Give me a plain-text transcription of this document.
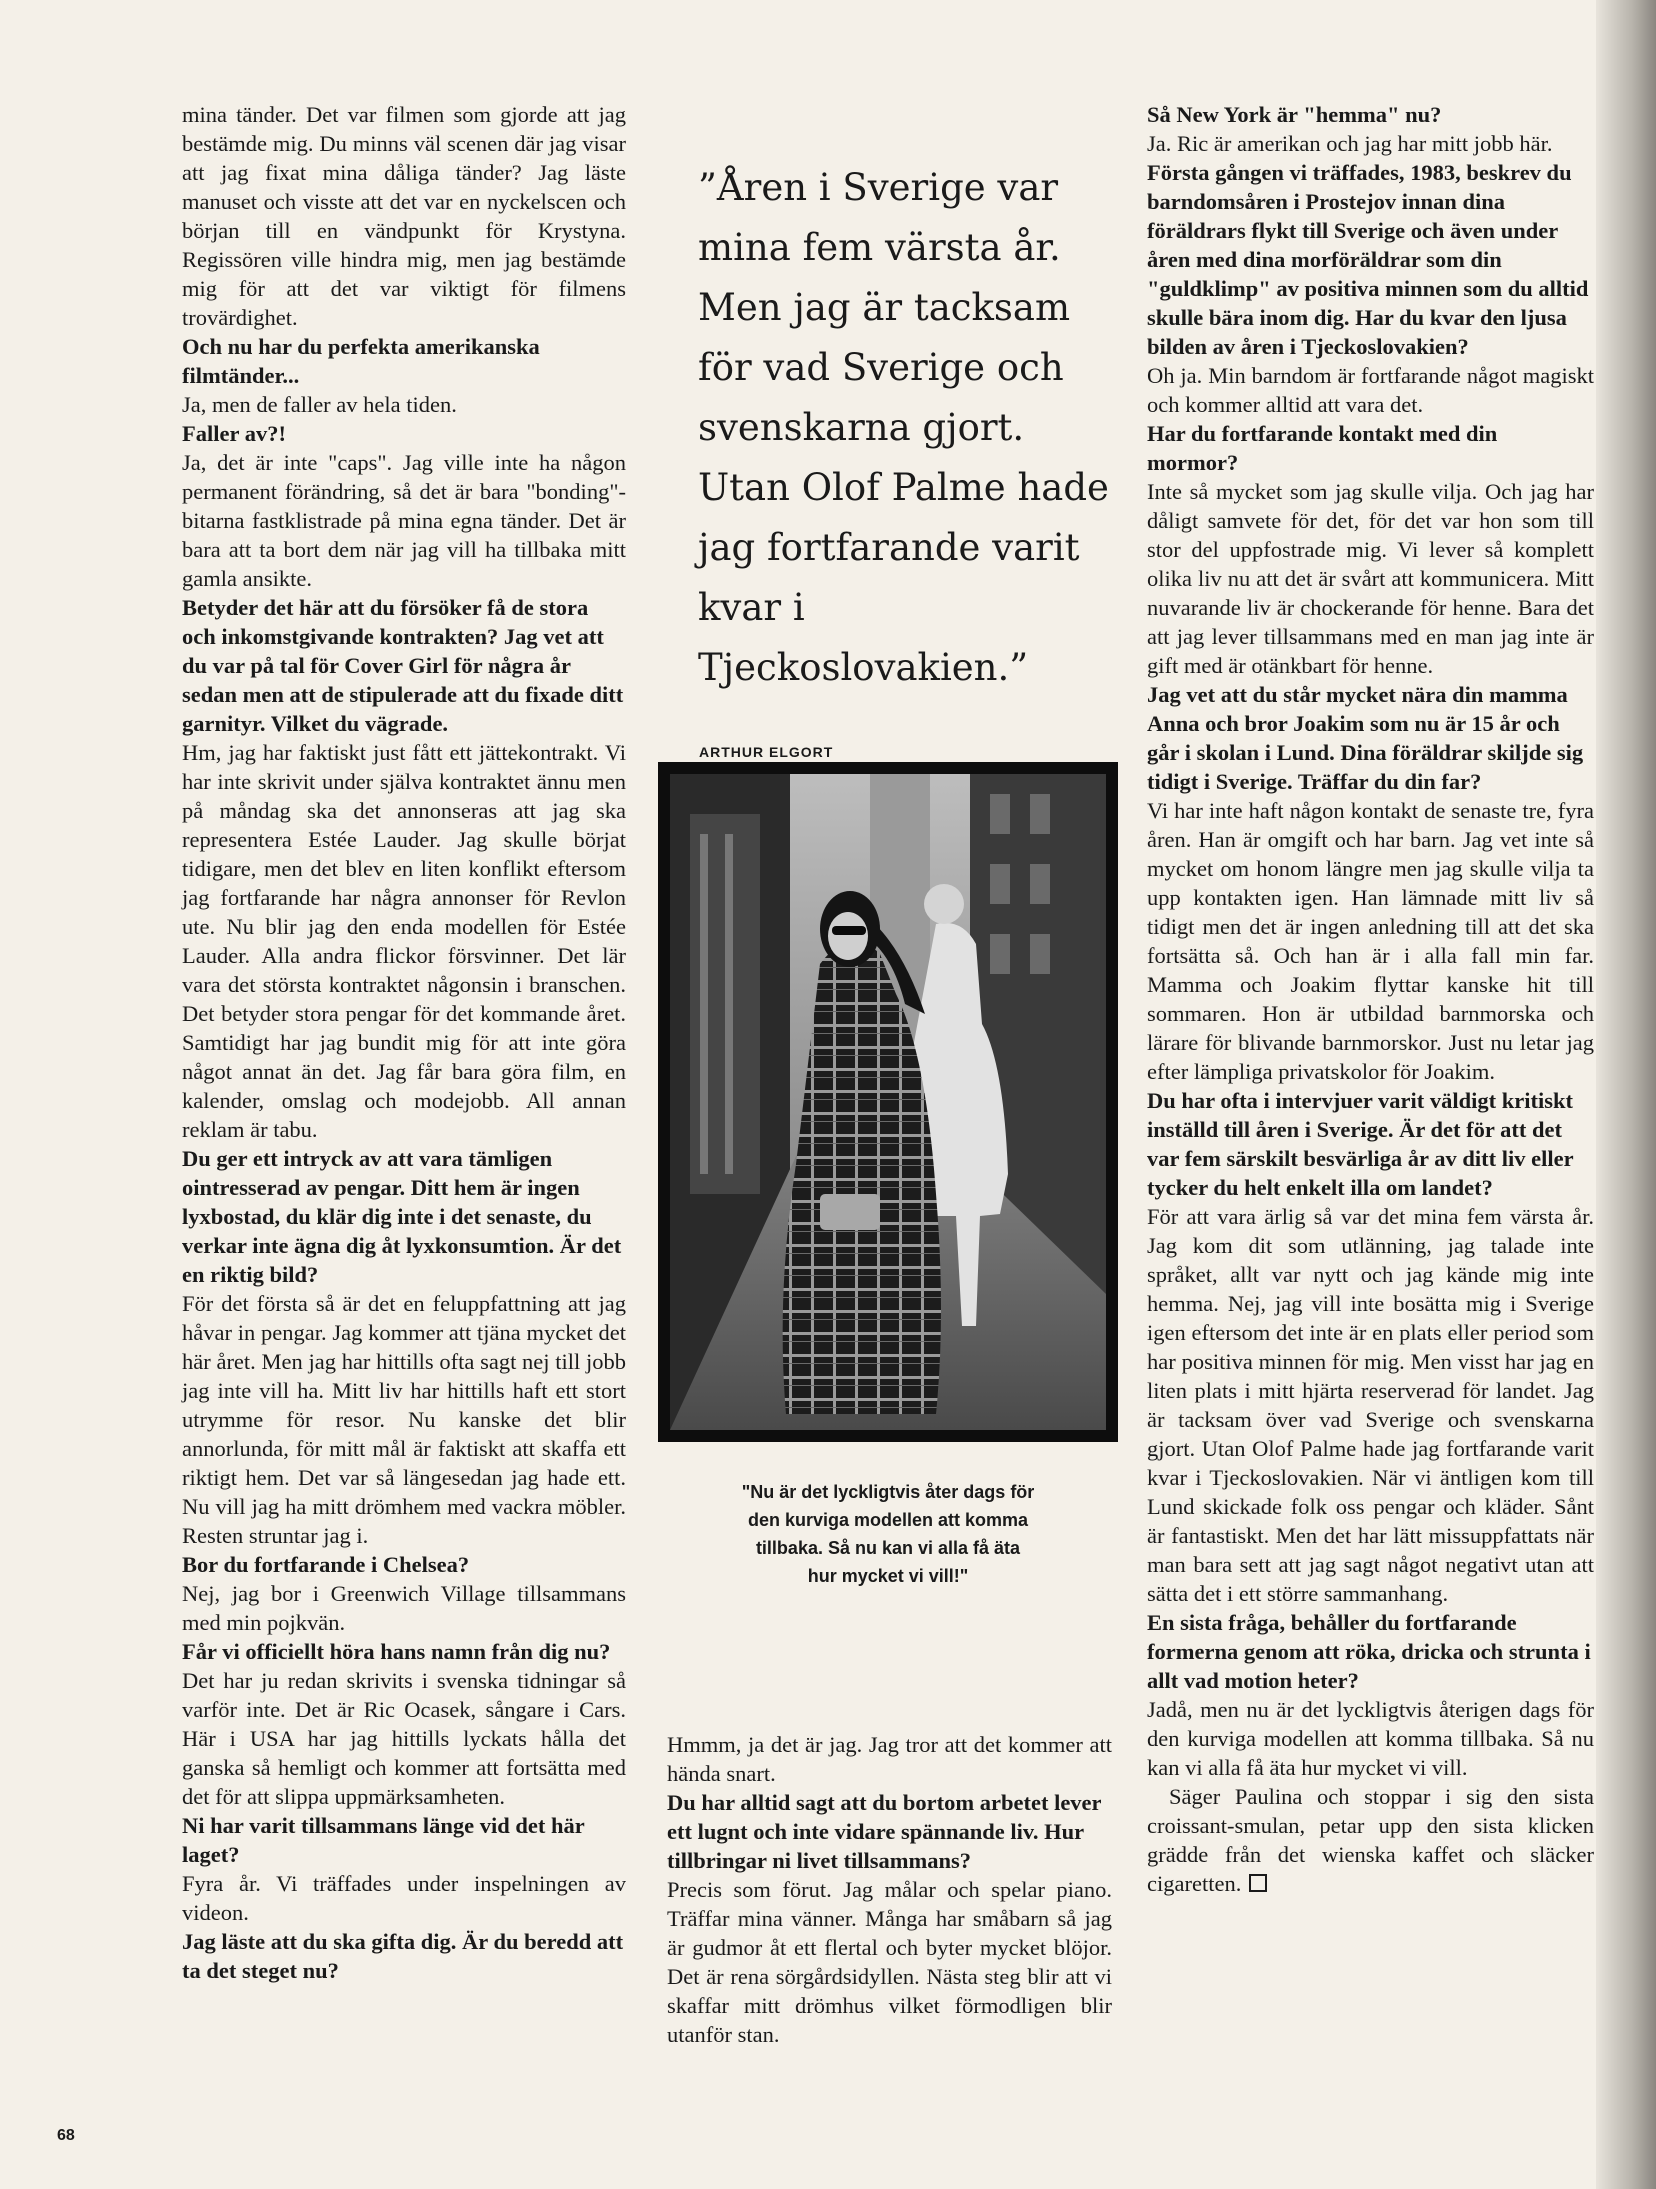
mina tänder. Det var filmen som gjorde att jag bestämde mig. Du minns väl scenen där jag visar att jag fixat mina dåliga tänder? Jag läste manuset och visste att det var en nyckelscen och början till en vändpunkt för Krystyna. Regissören ville hindra mig, men jag bestämde mig för att det var viktigt för filmens trovärdighet.

Och nu har du perfekta amerikanska filmtänder...

Ja, men de faller av hela tiden.

Faller av?!

Ja, det är inte "caps". Jag ville inte ha någon permanent förändring, så det är bara "bonding"-bitarna fastklistrade på mina egna tänder. Det är bara att ta bort dem när jag vill ha tillbaka mitt gamla ansikte.

Betyder det här att du försöker få de stora och inkomstgivande kontrakten? Jag vet att du var på tal för Cover Girl för några år sedan men att de stipulerade att du fixade ditt garnityr. Vilket du vägrade.

Hm, jag har faktiskt just fått ett jättekontrakt. Vi har inte skrivit under själva kontraktet ännu men på måndag ska det annonseras att jag ska representera Estée Lauder. Jag skulle börjat tidigare, men det blev en liten konflikt eftersom jag fortfarande har några annonser för Revlon ute. Nu blir jag den enda modellen för Estée Lauder. Alla andra flickor försvinner. Det lär vara det största kontraktet någonsin i branschen. Det betyder stora pengar för det kommande året. Samtidigt har jag bundit mig för att inte göra något annat än det. Jag får bara göra film, en kalender, omslag och modejobb. All annan reklam är tabu.

Du ger ett intryck av att vara tämligen ointresserad av pengar. Ditt hem är ingen lyxbostad, du klär dig inte i det senaste, du verkar inte ägna dig åt lyxkonsumtion. Är det en riktig bild?

För det första så är det en feluppfattning att jag håvar in pengar. Jag kommer att tjäna mycket det här året. Men jag har hittills ofta sagt nej till jobb jag inte vill ha. Mitt liv har hittills haft ett stort utrymme för resor. Nu kanske det blir annorlunda, för mitt mål är faktiskt att skaffa ett riktigt hem. Det var så längesedan jag hade ett. Nu vill jag ha mitt drömhem med vackra möbler. Resten struntar jag i.

Bor du fortfarande i Chelsea?

Nej, jag bor i Greenwich Village tillsammans med min pojkvän.

Får vi officiellt höra hans namn från dig nu?

Det har ju redan skrivits i svenska tidningar så varför inte. Det är Ric Ocasek, sångare i Cars. Här i USA har jag hittills lyckats hålla det ganska så hemligt och kommer att fortsätta med det för att slippa uppmärksamheten.

Ni har varit tillsammans länge vid det här laget?

Fyra år. Vi träffades under inspelningen av videon.

Jag läste att du ska gifta dig. Är du beredd att ta det steget nu?

”Åren i Sverige var mina fem värsta år. Men jag är tacksam för vad Sverige och svenskarna gjort. Utan Olof Palme hade jag fortfarande varit kvar i Tjeckoslovakien.”
ARTHUR ELGORT
"Nu är det lyckligtvis åter dags för den kurviga modellen att komma tillbaka. Så nu kan vi alla få äta hur mycket vi vill!"

Hmmm, ja det är jag. Jag tror att det kommer att hända snart.

Du har alltid sagt att du bortom arbetet lever ett lugnt och inte vidare spännande liv. Hur tillbringar ni livet tillsammans?

Precis som förut. Jag målar och spelar piano. Träffar mina vänner. Många har småbarn så jag är gudmor åt ett flertal och byter mycket blöjor. Det är rena sörgårdsidyllen. Nästa steg blir att vi skaffar mitt drömhus vilket förmodligen blir utanför stan.

Så New York är "hemma" nu?

Ja. Ric är amerikan och jag har mitt jobb här.

Första gången vi träffades, 1983, beskrev du barndomsåren i Prostejov innan dina föräldrars flykt till Sverige och även under åren med dina morföräldrar som din "guldklimp" av positiva minnen som du alltid skulle bära inom dig. Har du kvar den ljusa bilden av åren i Tjeckoslovakien?

Oh ja. Min barndom är fortfarande något magiskt och kommer alltid att vara det.

Har du fortfarande kontakt med din mormor?

Inte så mycket som jag skulle vilja. Och jag har dåligt samvete för det, för det var hon som till stor del uppfostrade mig. Vi lever så komplett olika liv nu att det är svårt att kommunicera. Mitt nuvarande liv är chockerande för henne. Bara det att jag lever tillsammans med en man jag inte är gift med är otänkbart för henne.

Jag vet att du står mycket nära din mamma Anna och bror Joakim som nu är 15 år och går i skolan i Lund. Dina föräldrar skiljde sig tidigt i Sverige. Träffar du din far?

Vi har inte haft någon kontakt de senaste tre, fyra åren. Han är omgift och har barn. Jag vet inte så mycket om honom längre men jag skulle vilja ta upp kontakten igen. Han lämnade mitt liv så tidigt men det är ingen anledning till att det ska fortsätta så. Och han är i alla fall min far. Mamma och Joakim flyttar kanske hit till sommaren. Hon är utbildad barnmorska och lärare för blivande barnmorskor. Just nu letar jag efter lämpliga privatskolor för Joakim.

Du har ofta i intervjuer varit väldigt kritiskt inställd till åren i Sverige. Är det för att det var fem särskilt besvärliga år av ditt liv eller tycker du helt enkelt illa om landet?

För att vara ärlig så var det mina fem värsta år. Jag kom dit som utlänning, jag talade inte språket, allt var nytt och jag kände mig inte hemma. Nej, jag vill inte bosätta mig i Sverige igen eftersom det inte är en plats eller period som har positiva minnen för mig. Men visst har jag en liten plats i mitt hjärta reserverad för landet. Jag är tacksam över vad Sverige och svenskarna gjort. Utan Olof Palme hade jag fortfarande varit kvar i Tjeckoslovakien. När vi äntligen kom till Lund skickade folk oss pengar och kläder. Sånt är fantastiskt. Men det har lätt missuppfattats när man bara sett att jag sagt något negativt utan att sätta det i ett större sammanhang.

En sista fråga, behåller du fortfarande formerna genom att röka, dricka och strunta i allt vad motion heter?

Jadå, men nu är det lyckligtvis återigen dags för den kurviga modellen att komma tillbaka. Så nu kan vi alla få äta hur mycket vi vill.

Säger Paulina och stoppar i sig den sista croissant-smulan, petar upp den sista klicken grädde från det wienska kaffet och släcker cigaretten.

68
